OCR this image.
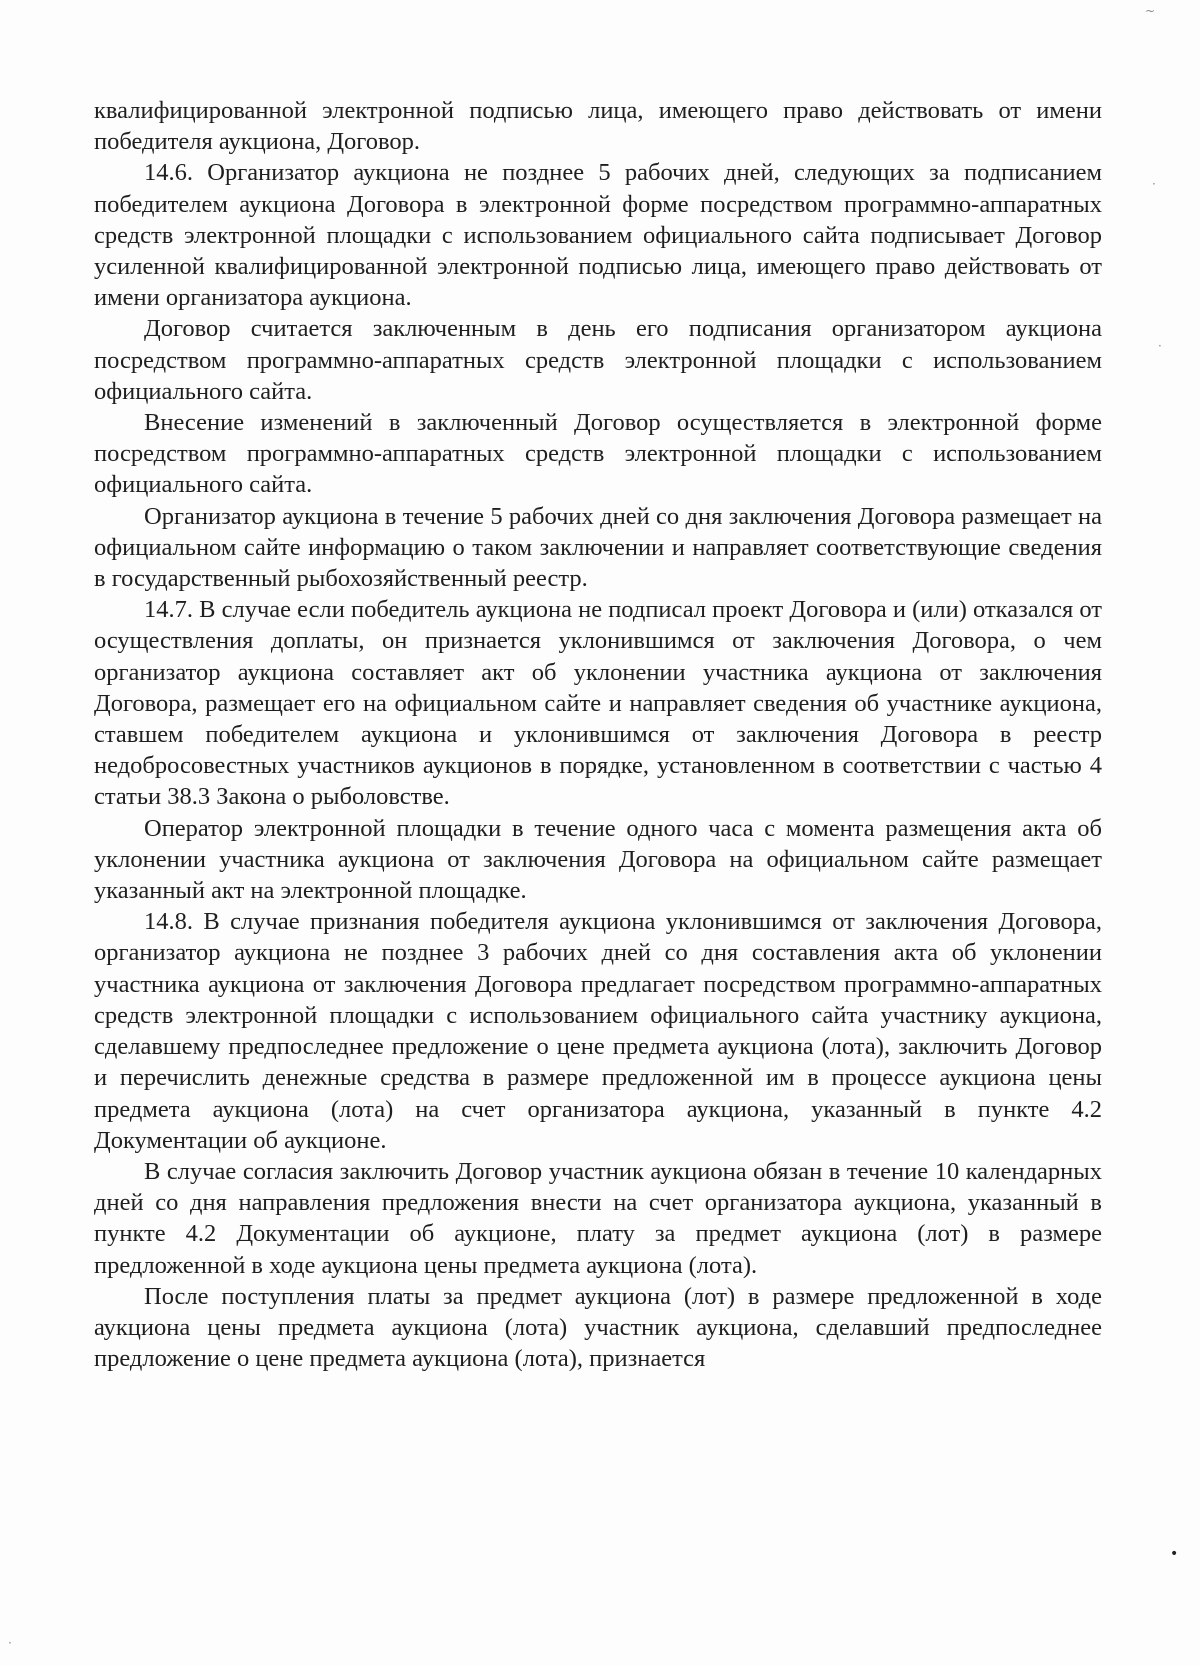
квалифицированной электронной подписью лица, имеющего право действовать от имени победителя аукциона, Договор.

14.6. Организатор аукциона не позднее 5 рабочих дней, следующих за подписанием победителем аукциона Договора в электронной форме посредством программно-аппаратных средств электронной площадки с использованием официального сайта подписывает Договор усиленной квалифицированной электронной подписью лица, имеющего право действовать от имени организатора аукциона.

Договор считается заключенным в день его подписания организатором аукциона посредством программно-аппаратных средств электронной площадки с использованием официального сайта.

Внесение изменений в заключенный Договор осуществляется в электронной форме посредством программно-аппаратных средств электронной площадки с использованием официального сайта.

Организатор аукциона в течение 5 рабочих дней со дня заключения Договора размещает на официальном сайте информацию о таком заключении и направляет соответствующие сведения в государственный рыбохозяйственный реестр.

14.7. В случае если победитель аукциона не подписал проект Договора и (или) отказался от осуществления доплаты, он признается уклонившимся от заключения Договора, о чем организатор аукциона составляет акт об уклонении участника аукциона от заключения Договора, размещает его на официальном сайте и направляет сведения об участнике аукциона, ставшем победителем аукциона и уклонившимся от заключения Договора в реестр недобросовестных участников аукционов в порядке, установленном в соответствии с частью 4 статьи 38.3 Закона о рыболовстве.

Оператор электронной площадки в течение одного часа с момента размещения акта об уклонении участника аукциона от заключения Договора на официальном сайте размещает указанный акт на электронной площадке.

14.8. В случае признания победителя аукциона уклонившимся от заключения Договора, организатор аукциона не позднее 3 рабочих дней со дня составления акта об уклонении участника аукциона от заключения Договора предлагает посредством программно-аппаратных средств электронной площадки с использованием официального сайта участнику аукциона, сделавшему предпоследнее предложение о цене предмета аукциона (лота), заключить Договор и перечислить денежные средства в размере предложенной им в процессе аукциона цены предмета аукциона (лота) на счет организатора аукциона, указанный в пункте 4.2 Документации об аукционе.

В случае согласия заключить Договор участник аукциона обязан в течение 10 календарных дней со дня направления предложения внести на счет организатора аукциона, указанный в пункте 4.2 Документации об аукционе, плату за предмет аукциона (лот) в размере предложенной в ходе аукциона цены предмета аукциона (лота).

После поступления платы за предмет аукциона (лот) в размере предложенной в ходе аукциона цены предмета аукциона (лота) участник аукциона, сделавший предпоследнее предложение о цене предмета аукциона (лота), признается

~
·
·
•
·
